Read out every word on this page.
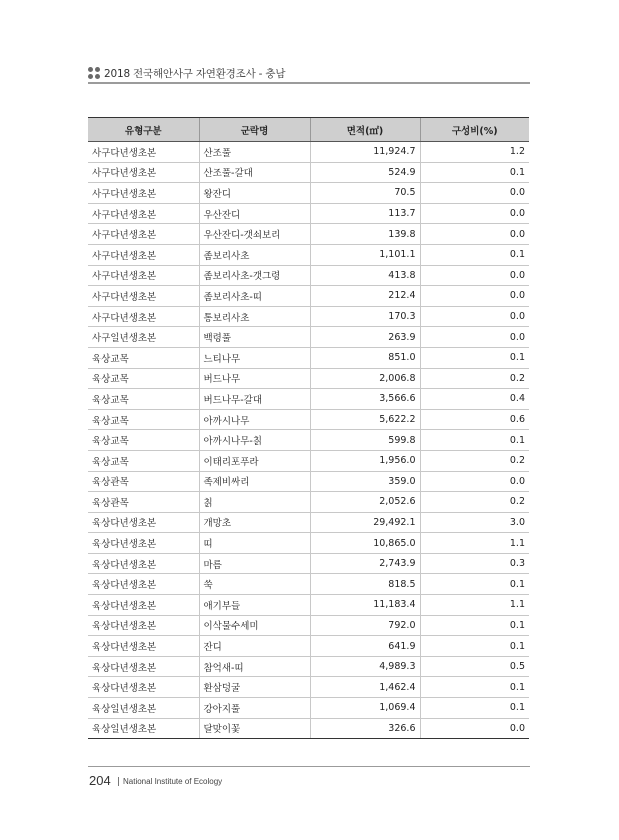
2018 전국해안사구 자연환경조사 - 충남
유형구분	군락명	면적(㎡)	구성비(%)
사구다년생초본	산조풀	11,924.7	1.2
사구다년생초본	산조풀-갈대	524.9	0.1
사구다년생초본	왕잔디	70.5	0.0
사구다년생초본	우산잔디	113.7	0.0
사구다년생초본	우산잔디-갯쇠보리	139.8	0.0
사구다년생초본	좀보리사초	1,101.1	0.1
사구다년생초본	좀보리사초-갯그령	413.8	0.0
사구다년생초본	좀보리사초-띠	212.4	0.0
사구다년생초본	통보리사초	170.3	0.0
사구일년생초본	백령풀	263.9	0.0
육상교목	느티나무	851.0	0.1
육상교목	버드나무	2,006.8	0.2
육상교목	버드나무-갈대	3,566.6	0.4
육상교목	아까시나무	5,622.2	0.6
육상교목	아까시나무-칡	599.8	0.1
육상교목	이태리포푸라	1,956.0	0.2
육상관목	족제비싸리	359.0	0.0
육상관목	칡	2,052.6	0.2
육상다년생초본	개망초	29,492.1	3.0
육상다년생초본	띠	10,865.0	1.1
육상다년생초본	마름	2,743.9	0.3
육상다년생초본	쑥	818.5	0.1
육상다년생초본	애기부들	11,183.4	1.1
육상다년생초본	이삭물수세미	792.0	0.1
육상다년생초본	잔디	641.9	0.1
육상다년생초본	참억새-띠	4,989.3	0.5
육상다년생초본	환삼덩굴	1,462.4	0.1
육상일년생초본	강아지풀	1,069.4	0.1
육상일년생초본	달맞이꽃	326.6	0.0
204 National Institute of Ecology
